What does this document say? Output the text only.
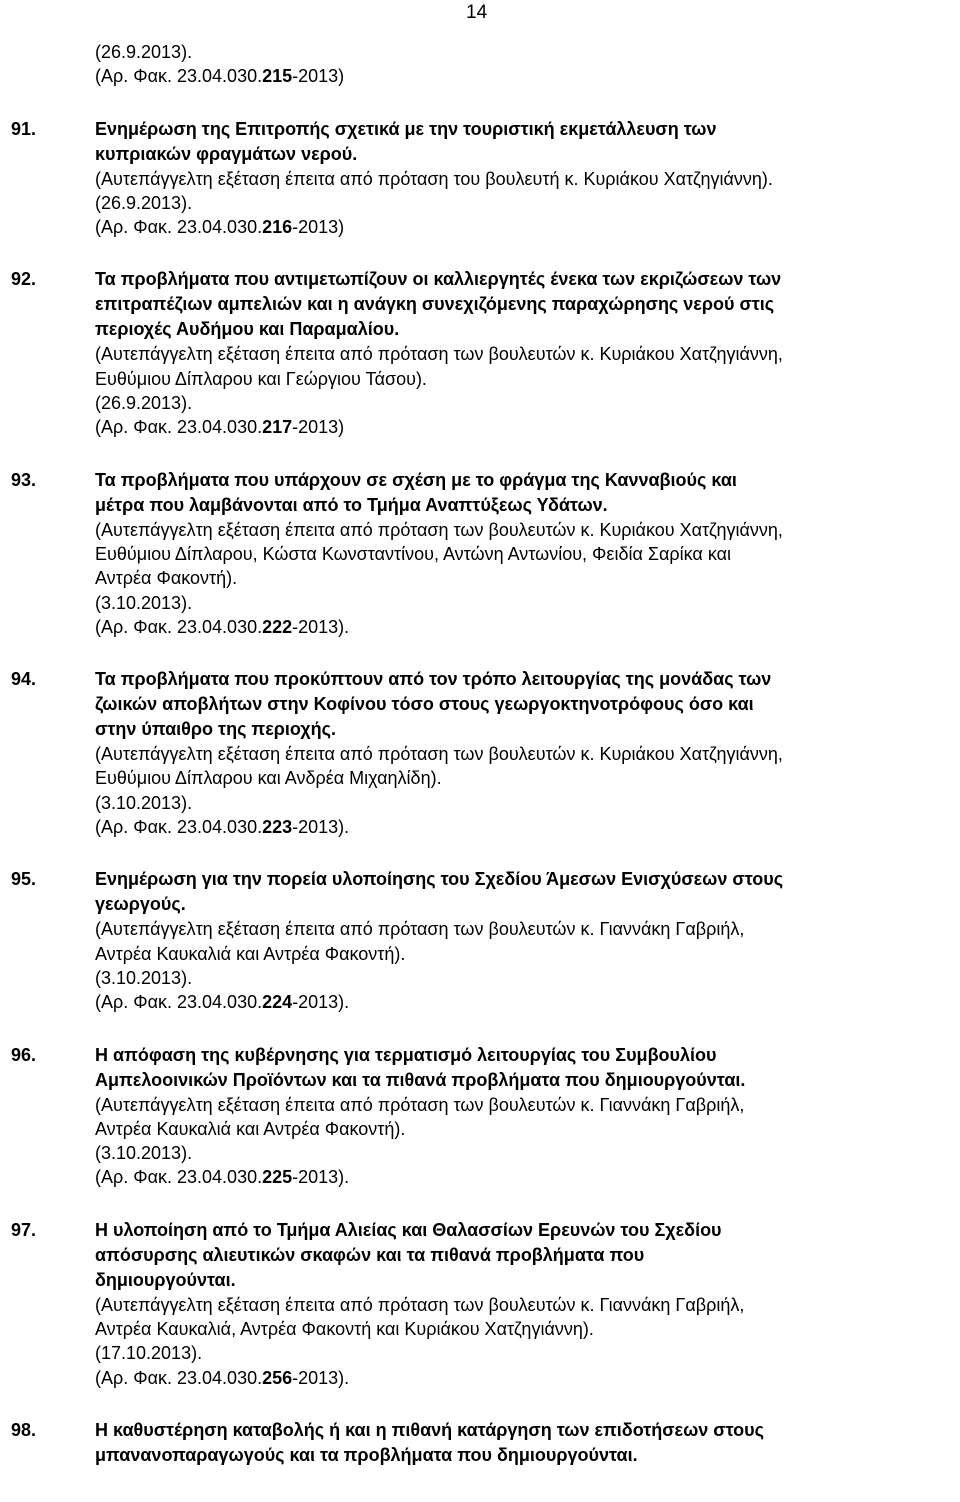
14
(26.9.2013).
(Αρ. Φακ. 23.04.030.215-2013)
91.	Ενημέρωση της Επιτροπής σχετικά με την τουριστική εκμετάλλευση των
κυπριακών φραγμάτων νερού.
(Αυτεπάγγελτη εξέταση έπειτα από πρόταση του βουλευτή κ. Κυριάκου Χατζηγιάννη).
(26.9.2013).
(Αρ. Φακ. 23.04.030.216-2013)
92.	Τα προβλήματα που αντιμετωπίζουν οι καλλιεργητές ένεκα των εκριζώσεων των
επιτραπέζιων αμπελιών και η ανάγκη συνεχιζόμενης παραχώρησης νερού στις
περιοχές Αυδήμου και Παραμαλίου.
(Αυτεπάγγελτη εξέταση έπειτα από πρόταση των βουλευτών κ. Κυριάκου Χατζηγιάννη,
Ευθύμιου Δίπλαρου και Γεώργιου Τάσου).
(26.9.2013).
(Αρ. Φακ. 23.04.030.217-2013)
93.	Τα προβλήματα που υπάρχουν σε σχέση με το φράγμα της Κανναβιούς και
μέτρα που λαμβάνονται από το Τμήμα Αναπτύξεως Υδάτων.
(Αυτεπάγγελτη εξέταση έπειτα από πρόταση των βουλευτών κ. Κυριάκου Χατζηγιάννη,
Ευθύμιου Δίπλαρου, Κώστα Κωνσταντίνου, Αντώνη Αντωνίου, Φειδία Σαρίκα και
Αντρέα Φακοντή).
(3.10.2013).
(Αρ. Φακ. 23.04.030.222-2013).
94.	Τα προβλήματα που προκύπτουν από τον τρόπο λειτουργίας της μονάδας των
ζωικών αποβλήτων στην Κοφίνου τόσο στους γεωργοκτηνοτρόφους όσο και
στην ύπαιθρο της περιοχής.
(Αυτεπάγγελτη εξέταση έπειτα από πρόταση των βουλευτών κ. Κυριάκου Χατζηγιάννη,
Ευθύμιου Δίπλαρου και Ανδρέα Μιχαηλίδη).
(3.10.2013).
(Αρ. Φακ. 23.04.030.223-2013).
95.	Ενημέρωση για την πορεία υλοποίησης του Σχεδίου Άμεσων Ενισχύσεων στους
γεωργούς.
(Αυτεπάγγελτη εξέταση έπειτα από πρόταση των βουλευτών κ. Γιαννάκη Γαβριήλ,
Αντρέα Καυκαλιά και Αντρέα Φακοντή).
(3.10.2013).
(Αρ. Φακ. 23.04.030.224-2013).
96.	Η απόφαση της κυβέρνησης για τερματισμό λειτουργίας του Συμβουλίου
Αμπελοοινικών Προϊόντων και τα πιθανά προβλήματα που δημιουργούνται.
(Αυτεπάγγελτη εξέταση έπειτα από πρόταση των βουλευτών κ. Γιαννάκη Γαβριήλ,
Αντρέα Καυκαλιά και Αντρέα Φακοντή).
(3.10.2013).
(Αρ. Φακ. 23.04.030.225-2013).
97.	Η υλοποίηση από το Τμήμα Αλιείας και Θαλασσίων Ερευνών του Σχεδίου
απόσυρσης αλιευτικών σκαφών και τα πιθανά προβλήματα που
δημιουργούνται.
(Αυτεπάγγελτη εξέταση έπειτα από πρόταση των βουλευτών κ. Γιαννάκη Γαβριήλ,
Αντρέα Καυκαλιά, Αντρέα Φακοντή και Κυριάκου Χατζηγιάννη).
(17.10.2013).
(Αρ. Φακ. 23.04.030.256-2013).
98.	Η καθυστέρηση καταβολής ή και η πιθανή κατάργηση των επιδοτήσεων στους
μπανανοπαραγωγούς και τα προβλήματα που δημιουργούνται.
